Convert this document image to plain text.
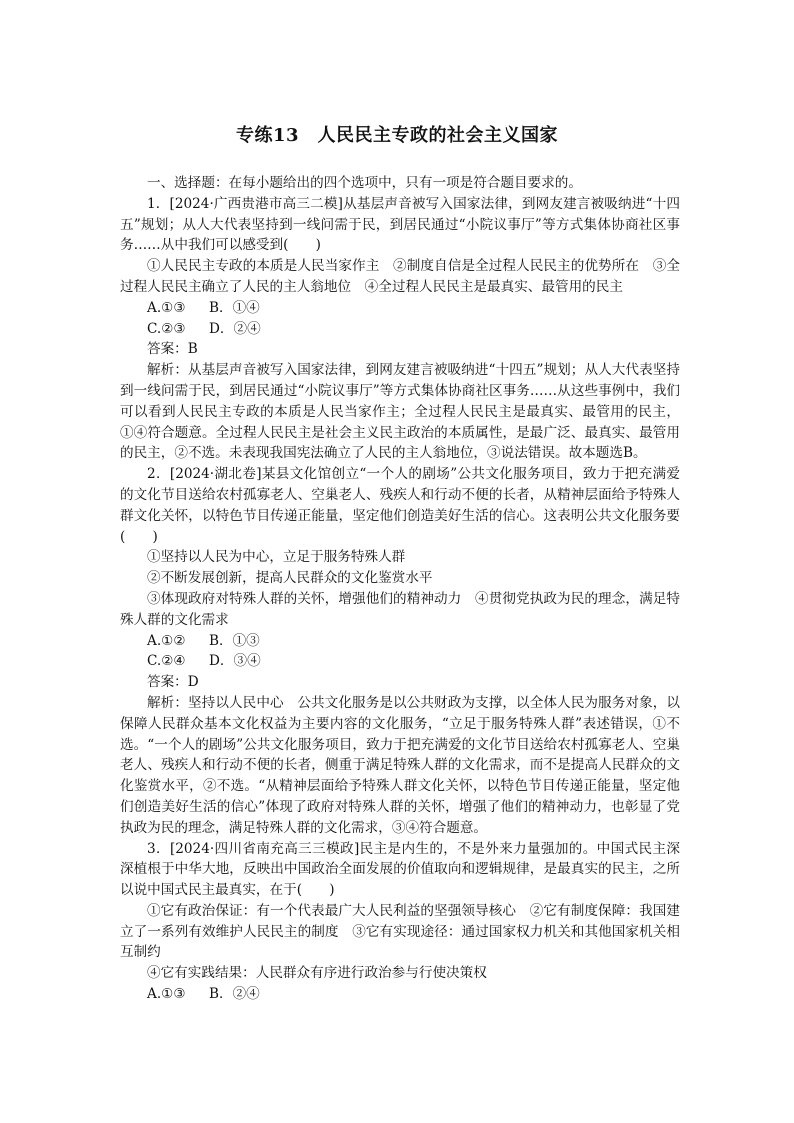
专练13　人民民主专政的社会主义国家

一、选择题：在每小题给出的四个选项中，只有一项是符合题目要求的。

1．[2024·广西贵港市高三二模]从基层声音被写入国家法律，到网友建言被吸纳进“十四五”规划；从人大代表坚持到一线问需于民，到居民通过“小院议事厅”等方式集体协商社区事务……从中我们可以感受到(　　)

①人民民主专政的本质是人民当家作主　②制度自信是全过程人民民主的优势所在　③全过程人民民主确立了人民的主人翁地位　④全过程人民民主是最真实、最管用的民主

A.①③	B．①④
C.②③	D．②④

答案：B

解析：从基层声音被写入国家法律，到网友建言被吸纳进“十四五”规划；从人大代表坚持到一线问需于民，到居民通过“小院议事厅”等方式集体协商社区事务……从这些事例中，我们可以看到人民民主专政的本质是人民当家作主；全过程人民民主是最真实、最管用的民主，①④符合题意。全过程人民民主是社会主义民主政治的本质属性，是最广泛、最真实、最管用的民主，②不选。未表现我国宪法确立了人民的主人翁地位，③说法错误。故本题选B。

2．[2024·湖北卷]某县文化馆创立“一个人的剧场”公共文化服务项目，致力于把充满爱的文化节目送给农村孤寡老人、空巢老人、残疾人和行动不便的长者，从精神层面给予特殊人群文化关怀，以特色节目传递正能量，坚定他们创造美好生活的信心。这表明公共文化服务要(　　)

①坚持以人民为中心，立足于服务特殊人群

②不断发展创新，提高人民群众的文化鉴赏水平

③体现政府对特殊人群的关怀，增强他们的精神动力　④贯彻党执政为民的理念，满足特殊人群的文化需求

A.①②	B．①③
C.②④	D．③④

答案：D

解析：坚持以人民中心　公共文化服务是以公共财政为支撑，以全体人民为服务对象，以保障人民群众基本文化权益为主要内容的文化服务，“立足于服务特殊人群”表述错误，①不选。“一个人的剧场”公共文化服务项目，致力于把充满爱的文化节目送给农村孤寡老人、空巢老人、残疾人和行动不便的长者，侧重于满足特殊人群的文化需求，而不是提高人民群众的文化鉴赏水平，②不选。“从精神层面给予特殊人群文化关怀，以特色节目传递正能量，坚定他们创造美好生活的信心”体现了政府对特殊人群的关怀，增强了他们的精神动力，也彰显了党执政为民的理念，满足特殊人群的文化需求，③④符合题意。

3．[2024·四川省南充高三三模政]民主是内生的，不是外来力量强加的。中国式民主深深植根于中华大地，反映出中国政治全面发展的价值取向和逻辑规律，是最真实的民主，之所以说中国式民主最真实，在于(　　)

①它有政治保证：有一个代表最广大人民利益的坚强领导核心　②它有制度保障：我国建立了一系列有效维护人民民主的制度　③它有实现途径：通过国家权力机关和其他国家机关相互制约

④它有实践结果：人民群众有序进行政治参与行使决策权

A.①③	B．②④
